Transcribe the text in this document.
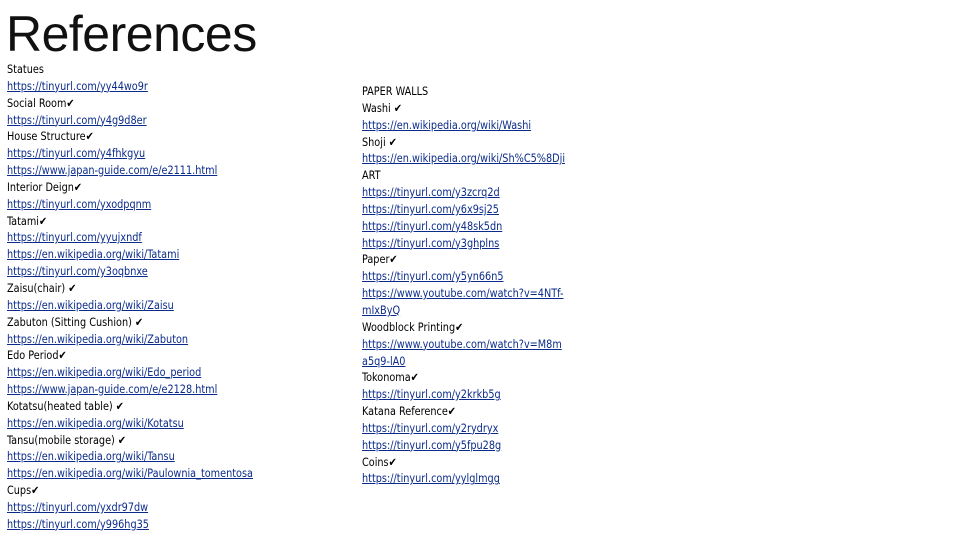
References
Statues
https://tinyurl.com/yy44wo9r
Social Room✔
https://tinyurl.com/y4g9d8er
House Structure✔
https://tinyurl.com/y4fhkgyu
https://www.japan-guide.com/e/e2111.html
Interior Deign✔
https://tinyurl.com/yxodpqnm
Tatami✔
https://tinyurl.com/yyujxndf
https://en.wikipedia.org/wiki/Tatami
https://tinyurl.com/y3oqbnxe
Zaisu(chair) ✔
https://en.wikipedia.org/wiki/Zaisu
Zabuton (Sitting Cushion) ✔
https://en.wikipedia.org/wiki/Zabuton
Edo Period✔
https://en.wikipedia.org/wiki/Edo_period
https://www.japan-guide.com/e/e2128.html
Kotatsu(heated table) ✔
https://en.wikipedia.org/wiki/Kotatsu
Tansu(mobile storage) ✔
https://en.wikipedia.org/wiki/Tansu
https://en.wikipedia.org/wiki/Paulownia_tomentosa
Cups✔
https://tinyurl.com/yxdr97dw
https://tinyurl.com/y996hg35
PAPER WALLS
Washi ✔
https://en.wikipedia.org/wiki/Washi
Shoji ✔
https://en.wikipedia.org/wiki/Sh%C5%8Dji
ART
https://tinyurl.com/y3zcrq2d
https://tinyurl.com/y6x9sj25
https://tinyurl.com/y48sk5dn
https://tinyurl.com/y3ghplns
Paper✔
https://tinyurl.com/y5yn66n5
https://www.youtube.com/watch?v=4NTf-
mIxByQ
Woodblock Printing✔
https://www.youtube.com/watch?v=M8m
a5q9-lA0
Tokonoma✔
https://tinyurl.com/y2krkb5g
Katana Reference✔
https://tinyurl.com/y2rydryx
https://tinyurl.com/y5fpu28g
Coins✔
https://tinyurl.com/yylglmgg
